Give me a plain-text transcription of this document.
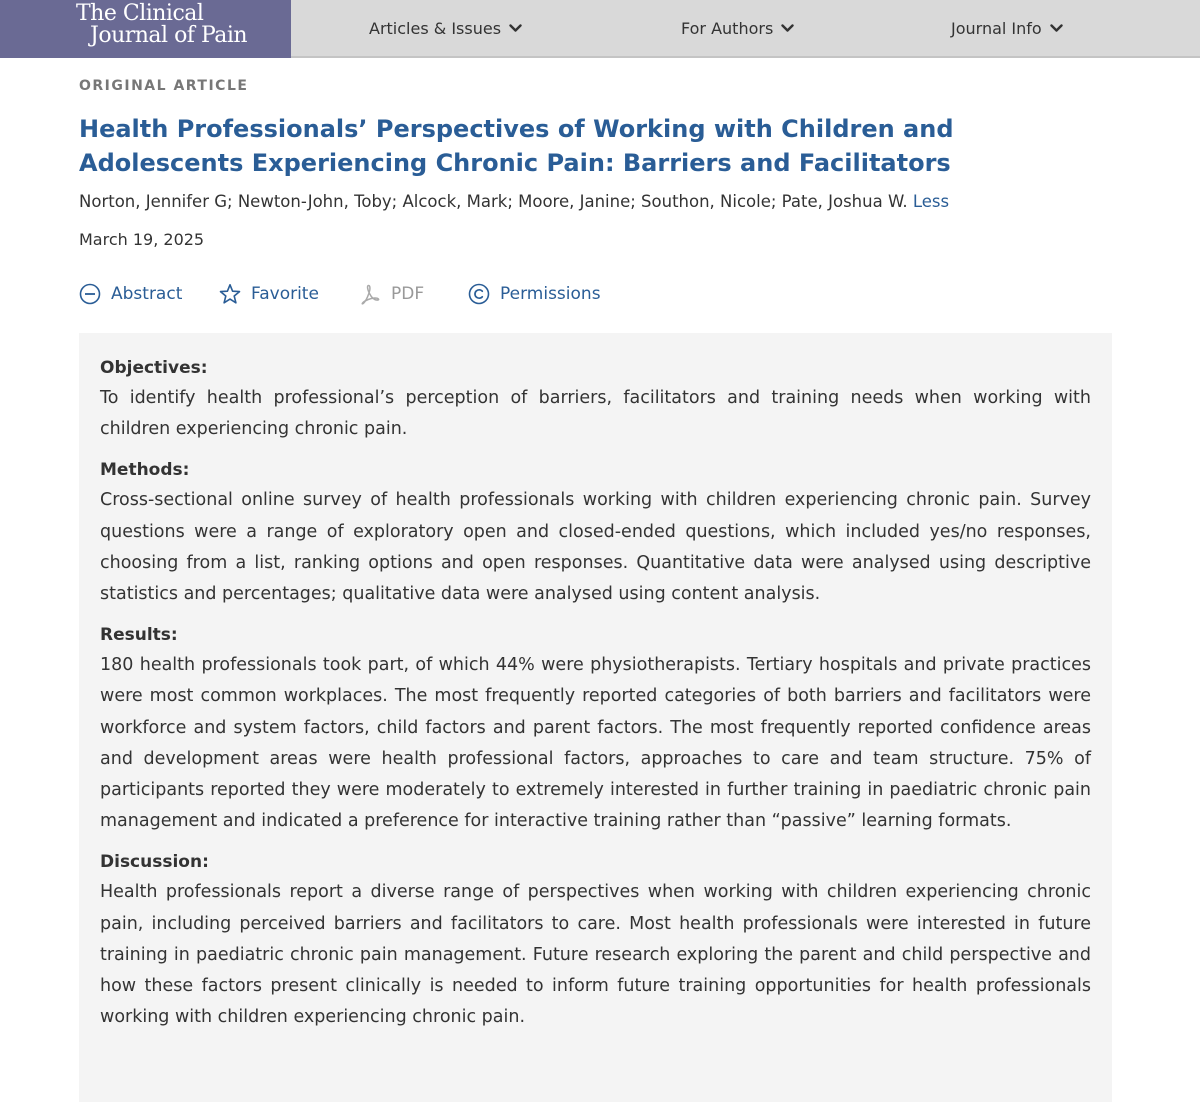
The Clinical
Journal of Pain	Articles & Issues	For Authors	Journal Info
ORIGINAL ARTICLE
Health Professionals’ Perspectives of Working with Children and Adolescents Experiencing Chronic Pain: Barriers and Facilitators
Norton, Jennifer G; Newton-John, Toby; Alcock, Mark; Moore, Janine; Southon, Nicole; Pate, Joshua W. Less
March 19, 2025
Abstract	Favorite	PDF	Permissions
Objectives:

To identify health professional’s perception of barriers, facilitators and training needs when working with children experiencing chronic pain.

Methods:

Cross-sectional online survey of health professionals working with children experiencing chronic pain. Survey questions were a range of exploratory open and closed-ended questions, which included yes/no responses, choosing from a list, ranking options and open responses. Quantitative data were analysed using descriptive statistics and percentages; qualitative data were analysed using content analysis.

Results:

180 health professionals took part, of which 44% were physiotherapists. Tertiary hospitals and private practices were most common workplaces. The most frequently reported categories of both barriers and facilitators were workforce and system factors, child factors and parent factors. The most frequently reported confidence areas and development areas were health professional factors, approaches to care and team structure. 75% of participants reported they were moderately to extremely interested in further training in paediatric chronic pain management and indicated a preference for interactive training rather than “passive” learning formats.

Discussion:

Health professionals report a diverse range of perspectives when working with children experiencing chronic pain, including perceived barriers and facilitators to care. Most health professionals were interested in future training in paediatric chronic pain management. Future research exploring the parent and child perspective and how these factors present clinically is needed to inform future training opportunities for health professionals working with children experiencing chronic pain.
